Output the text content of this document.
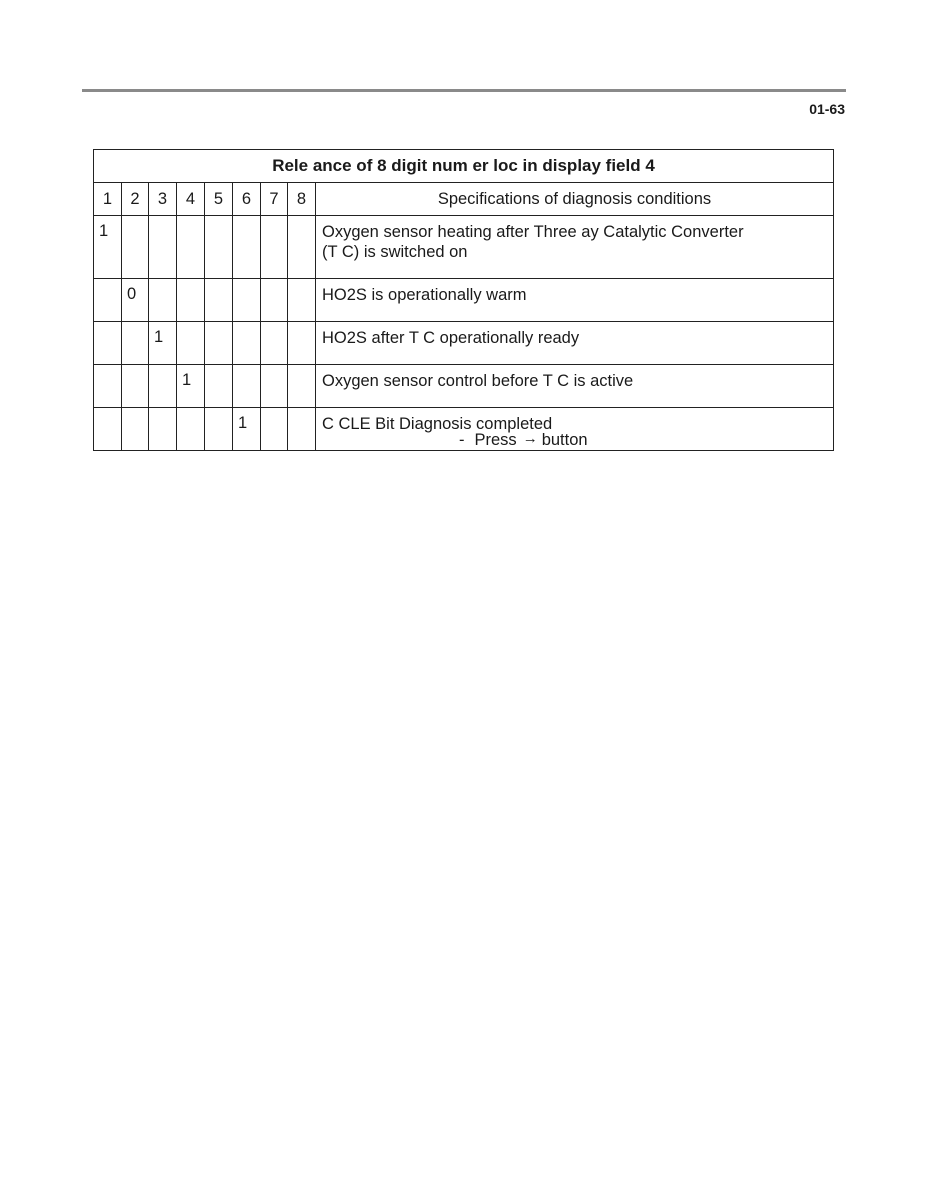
01-63
Rele ance of 8 digit num er loc in display field 4								
1	2	3	4	5	6	7	8	Specifications of diagnosis conditions
1								Oxygen sensor heating after Three ay Catalytic Converter
(T C) is switched on

	0							HO2S is operationally warm
		1						HO2S after T C operationally ready
			1					Oxygen sensor control before T C is active
					1			C CLE Bit Diagnosis completed
- Press → button
